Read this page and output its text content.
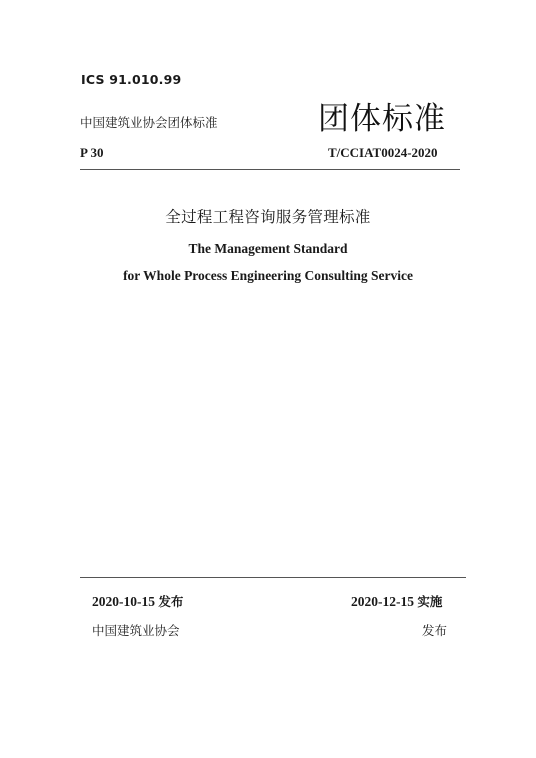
ICS 91.010.99
中国建筑业协会团体标准	团体标准
P 30	T/CCIAT0024-2020
全过程工程咨询服务管理标准
The Management Standard
for Whole Process Engineering Consulting Service
2020-10-15 发布	2020-12-15 实施
中国建筑业协会	发布
